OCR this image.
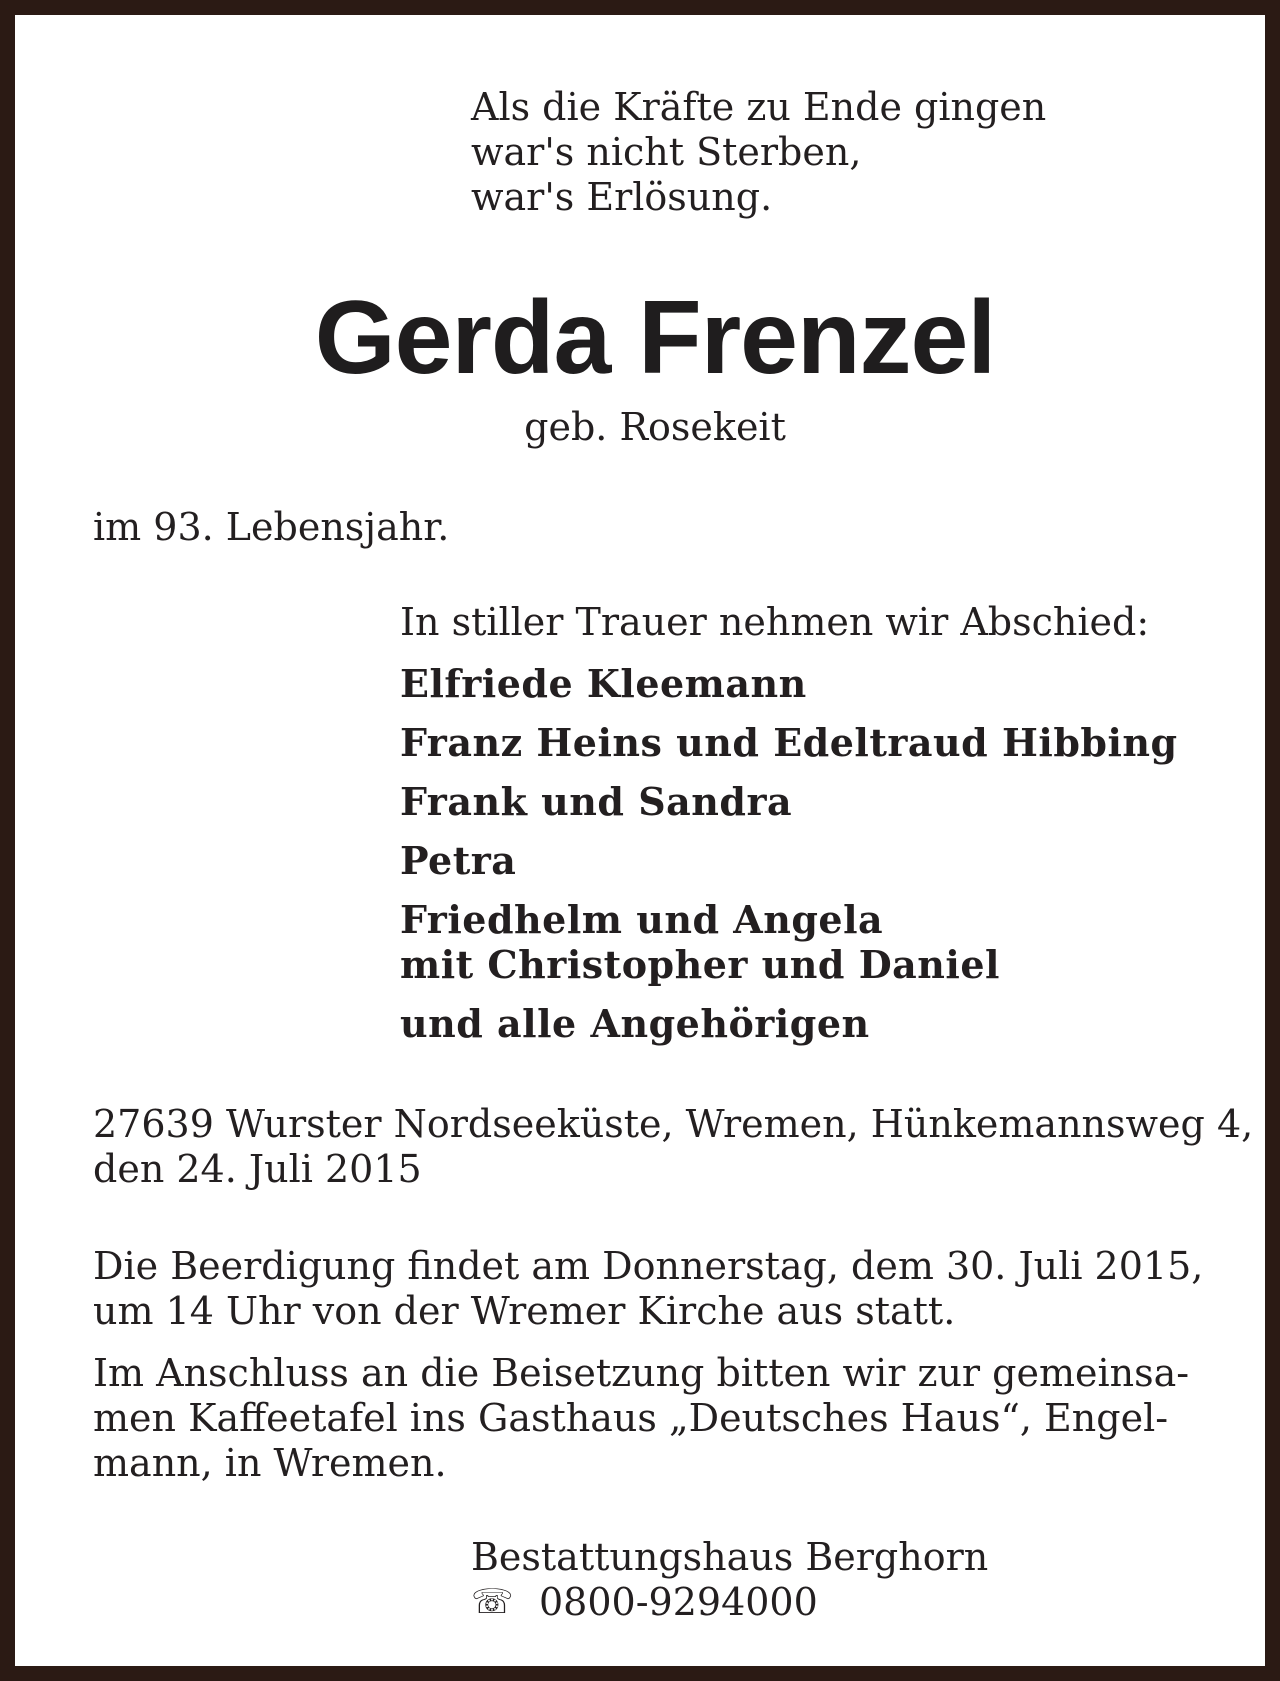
Als die Kräfte zu Ende gingen
war's nicht Sterben,
war's Erlösung.
Gerda Frenzel
geb. Rosekeit
im 93. Lebensjahr.
In stiller Trauer nehmen wir Abschied:
Elfriede Kleemann
Franz Heins und Edeltraud Hibbing
Frank und Sandra
Petra
Friedhelm und Angela
mit Christopher und Daniel
und alle Angehörigen
27639 Wurster Nordseeküste, Wremen, Hünkemannsweg 4,
den 24. Juli 2015
Die Beerdigung findet am Donnerstag, dem 30. Juli 2015,
um 14 Uhr von der Wremer Kirche aus statt.
Im Anschluss an die Beisetzung bitten wir zur gemeinsa-
men Kaffeetafel ins Gasthaus „Deutsches Haus“, Engel-
mann, in Wremen.
Bestattungshaus Berghorn
☏ 0800-9294000
